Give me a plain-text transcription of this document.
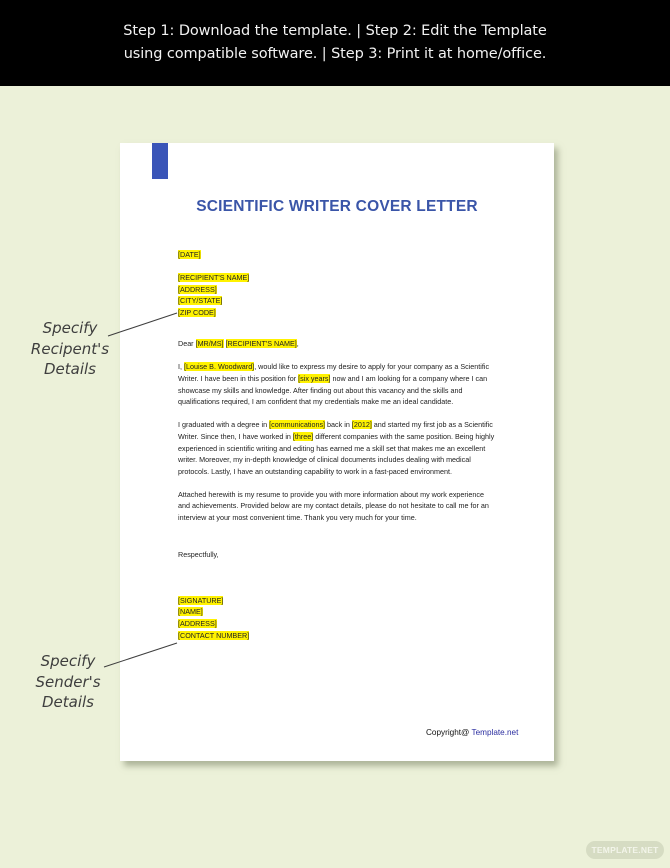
Step 1: Download the template. | Step 2: Edit the Template
using compatible software. | Step 3: Print it at home/office.
SCIENTIFIC WRITER COVER LETTER
[DATE]
[RECIPIENT'S NAME]
[ADDRESS]
[CITY/STATE]
[ZIP CODE]
Dear [MR/MS] [RECIPIENT'S NAME],
I, [Louise B. Woodward], would like to express my desire to apply for your company as a Scientific
Writer. I have been in this position for [six years] now and I am looking for a company where I can
showcase my skills and knowledge. After finding out about this vacancy and the skills and
qualifications required, I am confident that my credentials make me an ideal candidate.
I graduated with a degree in [communications] back in [2012] and started my first job as a Scientific
Writer. Since then, I have worked in [three] different companies with the same position. Being highly
experienced in scientific writing and editing has earned me a skill set that makes me an excellent
writer. Moreover, my in-depth knowledge of clinical documents includes dealing with medical
protocols. Lastly, I have an outstanding capability to work in a fast-paced environment.
Attached herewith is my resume to provide you with more information about my work experience
and achievements. Provided below are my contact details, please do not hesitate to call me for an
interview at your most convenient time. Thank you very much for your time.
Respectfully,
[SIGNATURE]
[NAME]
[ADDRESS]
[CONTACT NUMBER]
Copyright@ Template.net
Specify
Recipent's
Details
Specify
Sender's
Details
TEMPLATE.NET
